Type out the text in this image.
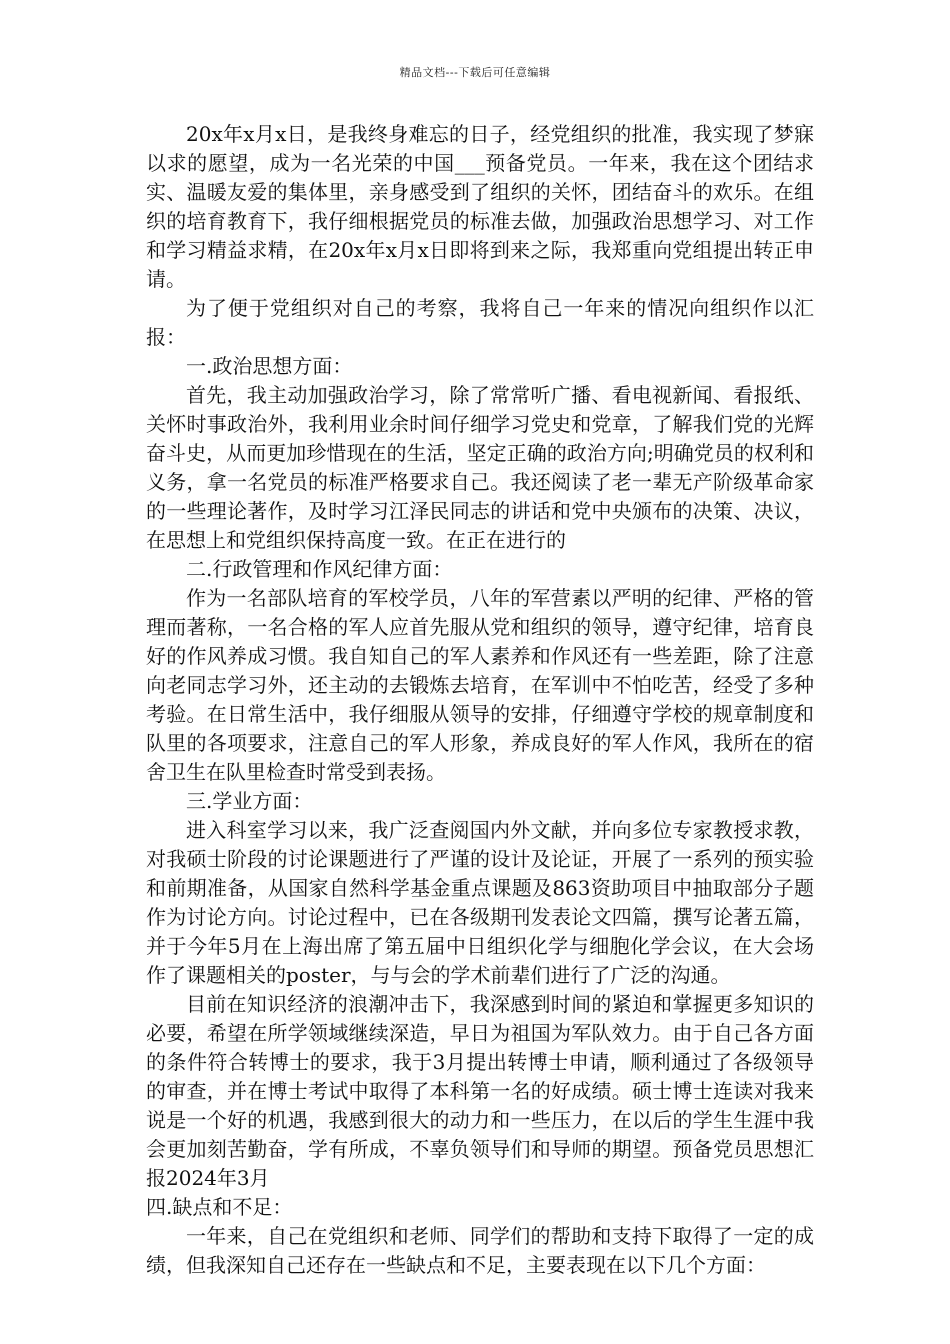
精品文档---下载后可任意编辑

20x年x月x日，是我终身难忘的日子，经党组织的批准，我实现了梦寐以求的愿望，成为一名光荣的中国___预备党员。一年来，我在这个团结求实、温暖友爱的集体里，亲身感受到了组织的关怀，团结奋斗的欢乐。在组织的培育教育下，我仔细根据党员的标准去做，加强政治思想学习、对工作和学习精益求精，在20x年x月x日即将到来之际，我郑重向党组提出转正申请。

为了便于党组织对自己的考察，我将自己一年来的情况向组织作以汇报：

一.政治思想方面：

首先，我主动加强政治学习，除了常常听广播、看电视新闻、看报纸、关怀时事政治外，我利用业余时间仔细学习党史和党章，了解我们党的光辉奋斗史，从而更加珍惜现在的生活，坚定正确的政治方向;明确党员的权利和义务，拿一名党员的标准严格要求自己。我还阅读了老一辈无产阶级革命家的一些理论著作，及时学习江泽民同志的讲话和党中央颁布的决策、决议，在思想上和党组织保持高度一致。在正在进行的

二.行政管理和作风纪律方面：

作为一名部队培育的军校学员，八年的军营素以严明的纪律、严格的管理而著称，一名合格的军人应首先服从党和组织的领导，遵守纪律，培育良好的作风养成习惯。我自知自己的军人素养和作风还有一些差距，除了注意向老同志学习外，还主动的去锻炼去培育，在军训中不怕吃苦，经受了多种考验。在日常生活中，我仔细服从领导的安排，仔细遵守学校的规章制度和队里的各项要求，注意自己的军人形象，养成良好的军人作风，我所在的宿舍卫生在队里检查时常受到表扬。

三.学业方面：

进入科室学习以来，我广泛查阅国内外文献，并向多位专家教授求教，对我硕士阶段的讨论课题进行了严谨的设计及论证，开展了一系列的预实验和前期准备，从国家自然科学基金重点课题及863资助项目中抽取部分子题作为讨论方向。讨论过程中，已在各级期刊发表论文四篇，撰写论著五篇，并于今年5月在上海出席了第五届中日组织化学与细胞化学会议，在大会场作了课题相关的poster，与与会的学术前辈们进行了广泛的沟通。

目前在知识经济的浪潮冲击下，我深感到时间的紧迫和掌握更多知识的必要，希望在所学领域继续深造，早日为祖国为军队效力。由于自己各方面的条件符合转博士的要求，我于3月提出转博士申请，顺利通过了各级领导的审查，并在博士考试中取得了本科第一名的好成绩。硕士博士连读对我来说是一个好的机遇，我感到很大的动力和一些压力，在以后的学生生涯中我会更加刻苦勤奋，学有所成，不辜负领导们和导师的期望。预备党员思想汇报2024年3月

四.缺点和不足：

一年来，自己在党组织和老师、同学们的帮助和支持下取得了一定的成绩，但我深知自己还存在一些缺点和不足，主要表现在以下几个方面：
